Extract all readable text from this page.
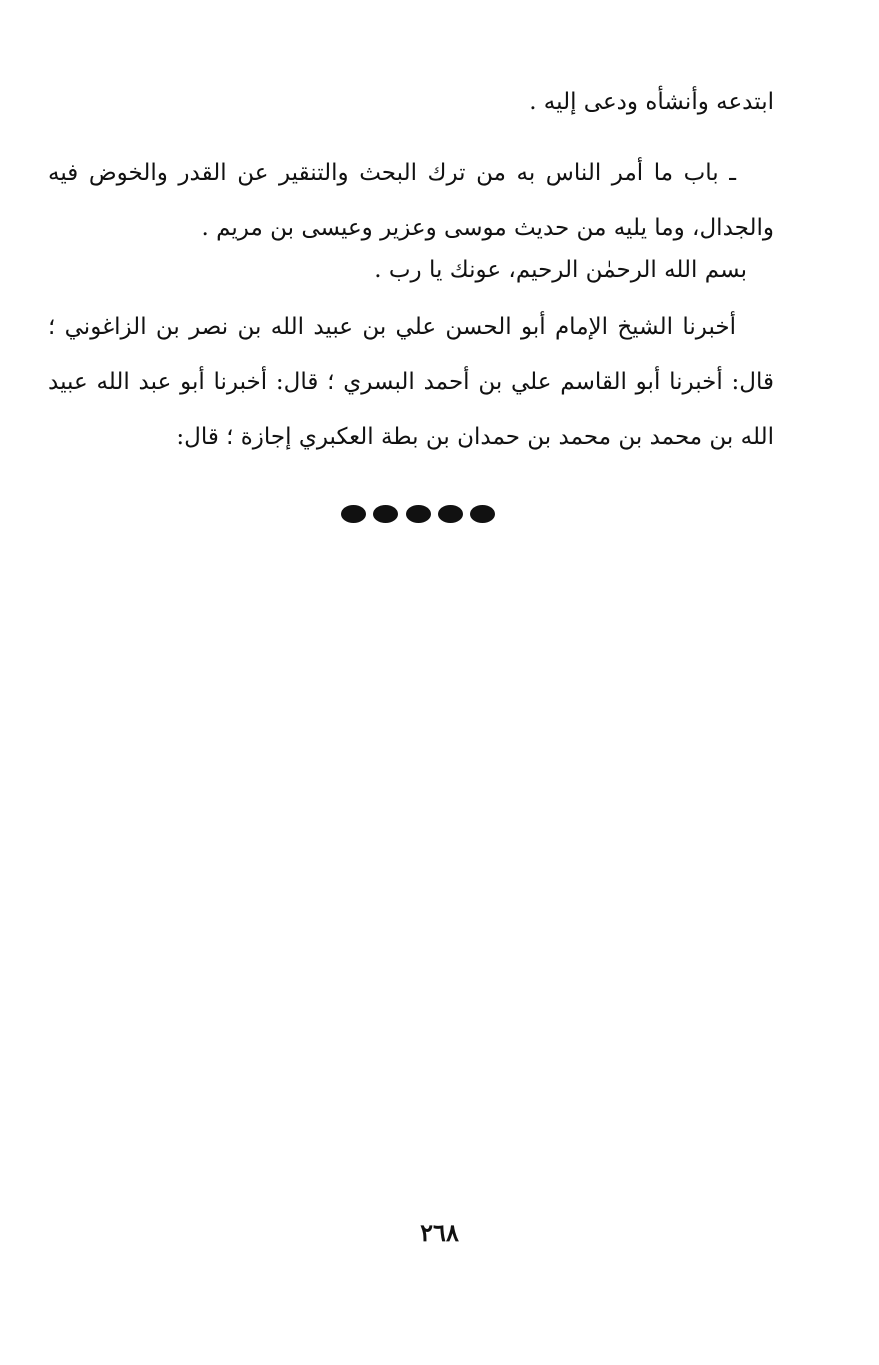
ابتدعه وأنشأه ودعى إليه .
ـ باب ما أمر الناس به من ترك البحث والتنقير عن القدر والخوض فيه والجدال، وما يليه من حديث موسى وعزير وعيسى بن مريم .
بسم الله الرحمٰن الرحيم، عونك يا رب .
أخبرنا الشيخ الإمام أبو الحسن علي بن عبيد الله بن نصر بن الزاغوني ؛ قال: أخبرنا أبو القاسم علي بن أحمد البسري ؛ قال: أخبرنا أبو عبد الله عبيد الله بن محمد بن محمد بن حمدان بن بطة العكبري إجازة ؛ قال:
٢٦٨
